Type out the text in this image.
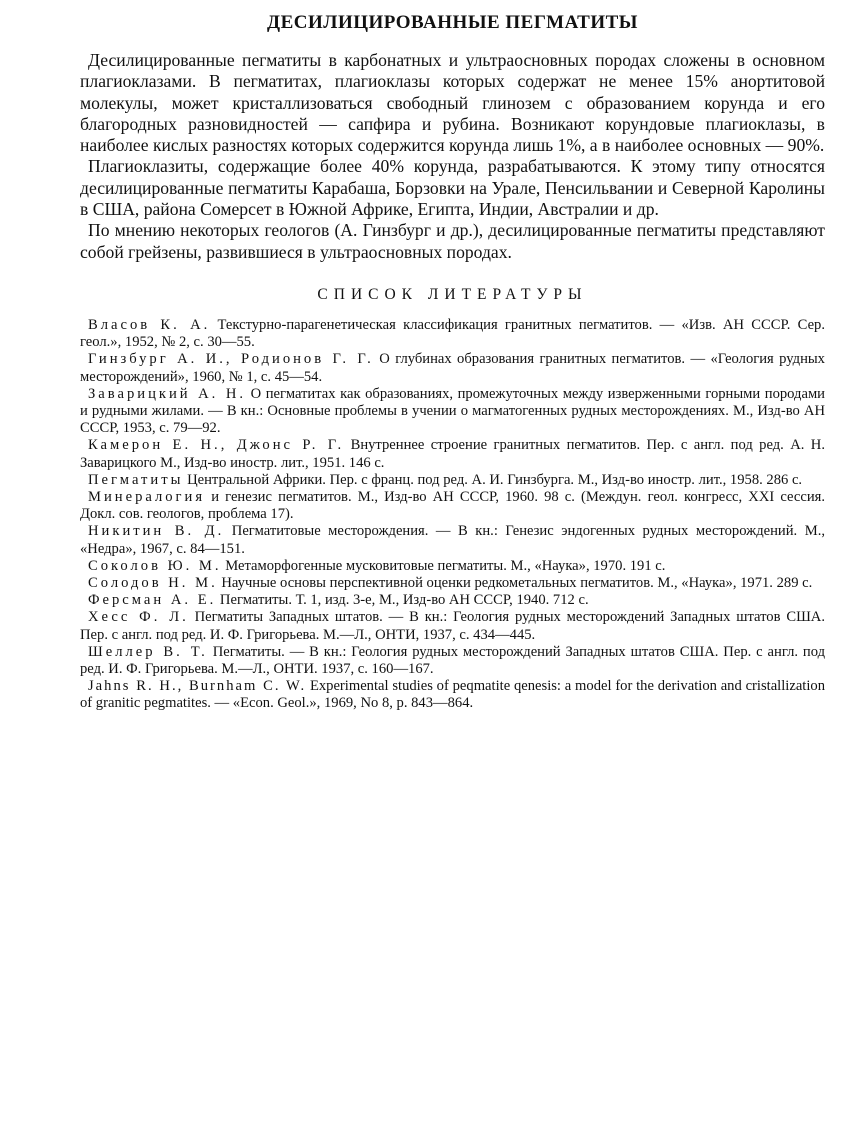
ДЕСИЛИЦИРОВАННЫЕ ПЕГМАТИТЫ

Десилицированные пегматиты в карбонатных и ультраосновных породах сложены в основном плагиоклазами. В пегматитах, плагиоклазы которых содержат не менее 15% анортитовой молекулы, может кристаллизоваться свободный глинозем с образованием корунда и его благородных разновидностей — сапфира и рубина. Возникают корундовые плагиоклазы, в наиболее кислых разностях которых содержится корунда лишь 1%, а в наиболее основных — 90%.

Плагиоклазиты, содержащие более 40% корунда, разрабатываются. К этому типу относятся десилицированные пегматиты Карабаша, Борзовки на Урале, Пенсильвании и Северной Каролины в США, района Сомерсет в Южной Африке, Египта, Индии, Австралии и др.

По мнению некоторых геологов (А. Гинзбург и др.), десилицированные пегматиты представляют собой грейзены, развившиеся в ультраосновных породах.

СПИСОК ЛИТЕРАТУРЫ

Власов К. А. Текстурно-парагенетическая классификация гранитных пегматитов. — «Изв. АН СССР. Сер. геол.», 1952, № 2, с. 30—55.

Гинзбург А. И., Родионов Г. Г. О глубинах образования гранитных пегматитов. — «Геология рудных месторождений», 1960, № 1, с. 45—54.

Заварицкий А. Н. О пегматитах как образованиях, промежуточных между изверженными горными породами и рудными жилами. — В кн.: Основные проблемы в учении о магматогенных рудных месторождениях. М., Изд-во АН СССР, 1953, с. 79—92.

Камерон Е. Н., Джонс Р. Г. Внутреннее строение гранитных пегматитов. Пер. с англ. под ред. А. Н. Заварицкого М., Изд-во иностр. лит., 1951. 146 с.

Пегматиты Центральной Африки. Пер. с франц. под ред. А. И. Гинзбурга. М., Изд-во иностр. лит., 1958. 286 с.

Минералогия и генезис пегматитов. М., Изд-во АН СССР, 1960. 98 с. (Междун. геол. конгресс, XXI сессия. Докл. сов. геологов, проблема 17).

Никитин В. Д. Пегматитовые месторождения. — В кн.: Генезис эндогенных рудных месторождений. М., «Недра», 1967, с. 84—151.

Соколов Ю. М. Метаморфогенные мусковитовые пегматиты. М., «Наука», 1970. 191 с.

Солодов Н. М. Научные основы перспективной оценки редкометальных пегматитов. М., «Наука», 1971. 289 с.

Ферсман А. Е. Пегматиты. Т. 1, изд. 3-е, М., Изд-во АН СССР, 1940. 712 с.

Хесс Ф. Л. Пегматиты Западных штатов. — В кн.: Геология рудных месторождений Западных штатов США. Пер. с англ. под ред. И. Ф. Григорьева. М.—Л., ОНТИ, 1937, с. 434—445.

Шеллер В. Т. Пегматиты. — В кн.: Геология рудных месторождений Западных штатов США. Пер. с англ. под ред. И. Ф. Григорьева. М.—Л., ОНТИ. 1937, с. 160—167.

Jahns R. H., Burnham C. W. Experimental studies of peqmatite qenesis: a model for the derivation and cristallization of granitic pegmatites. — «Econ. Geol.», 1969, No 8, p. 843—864.
